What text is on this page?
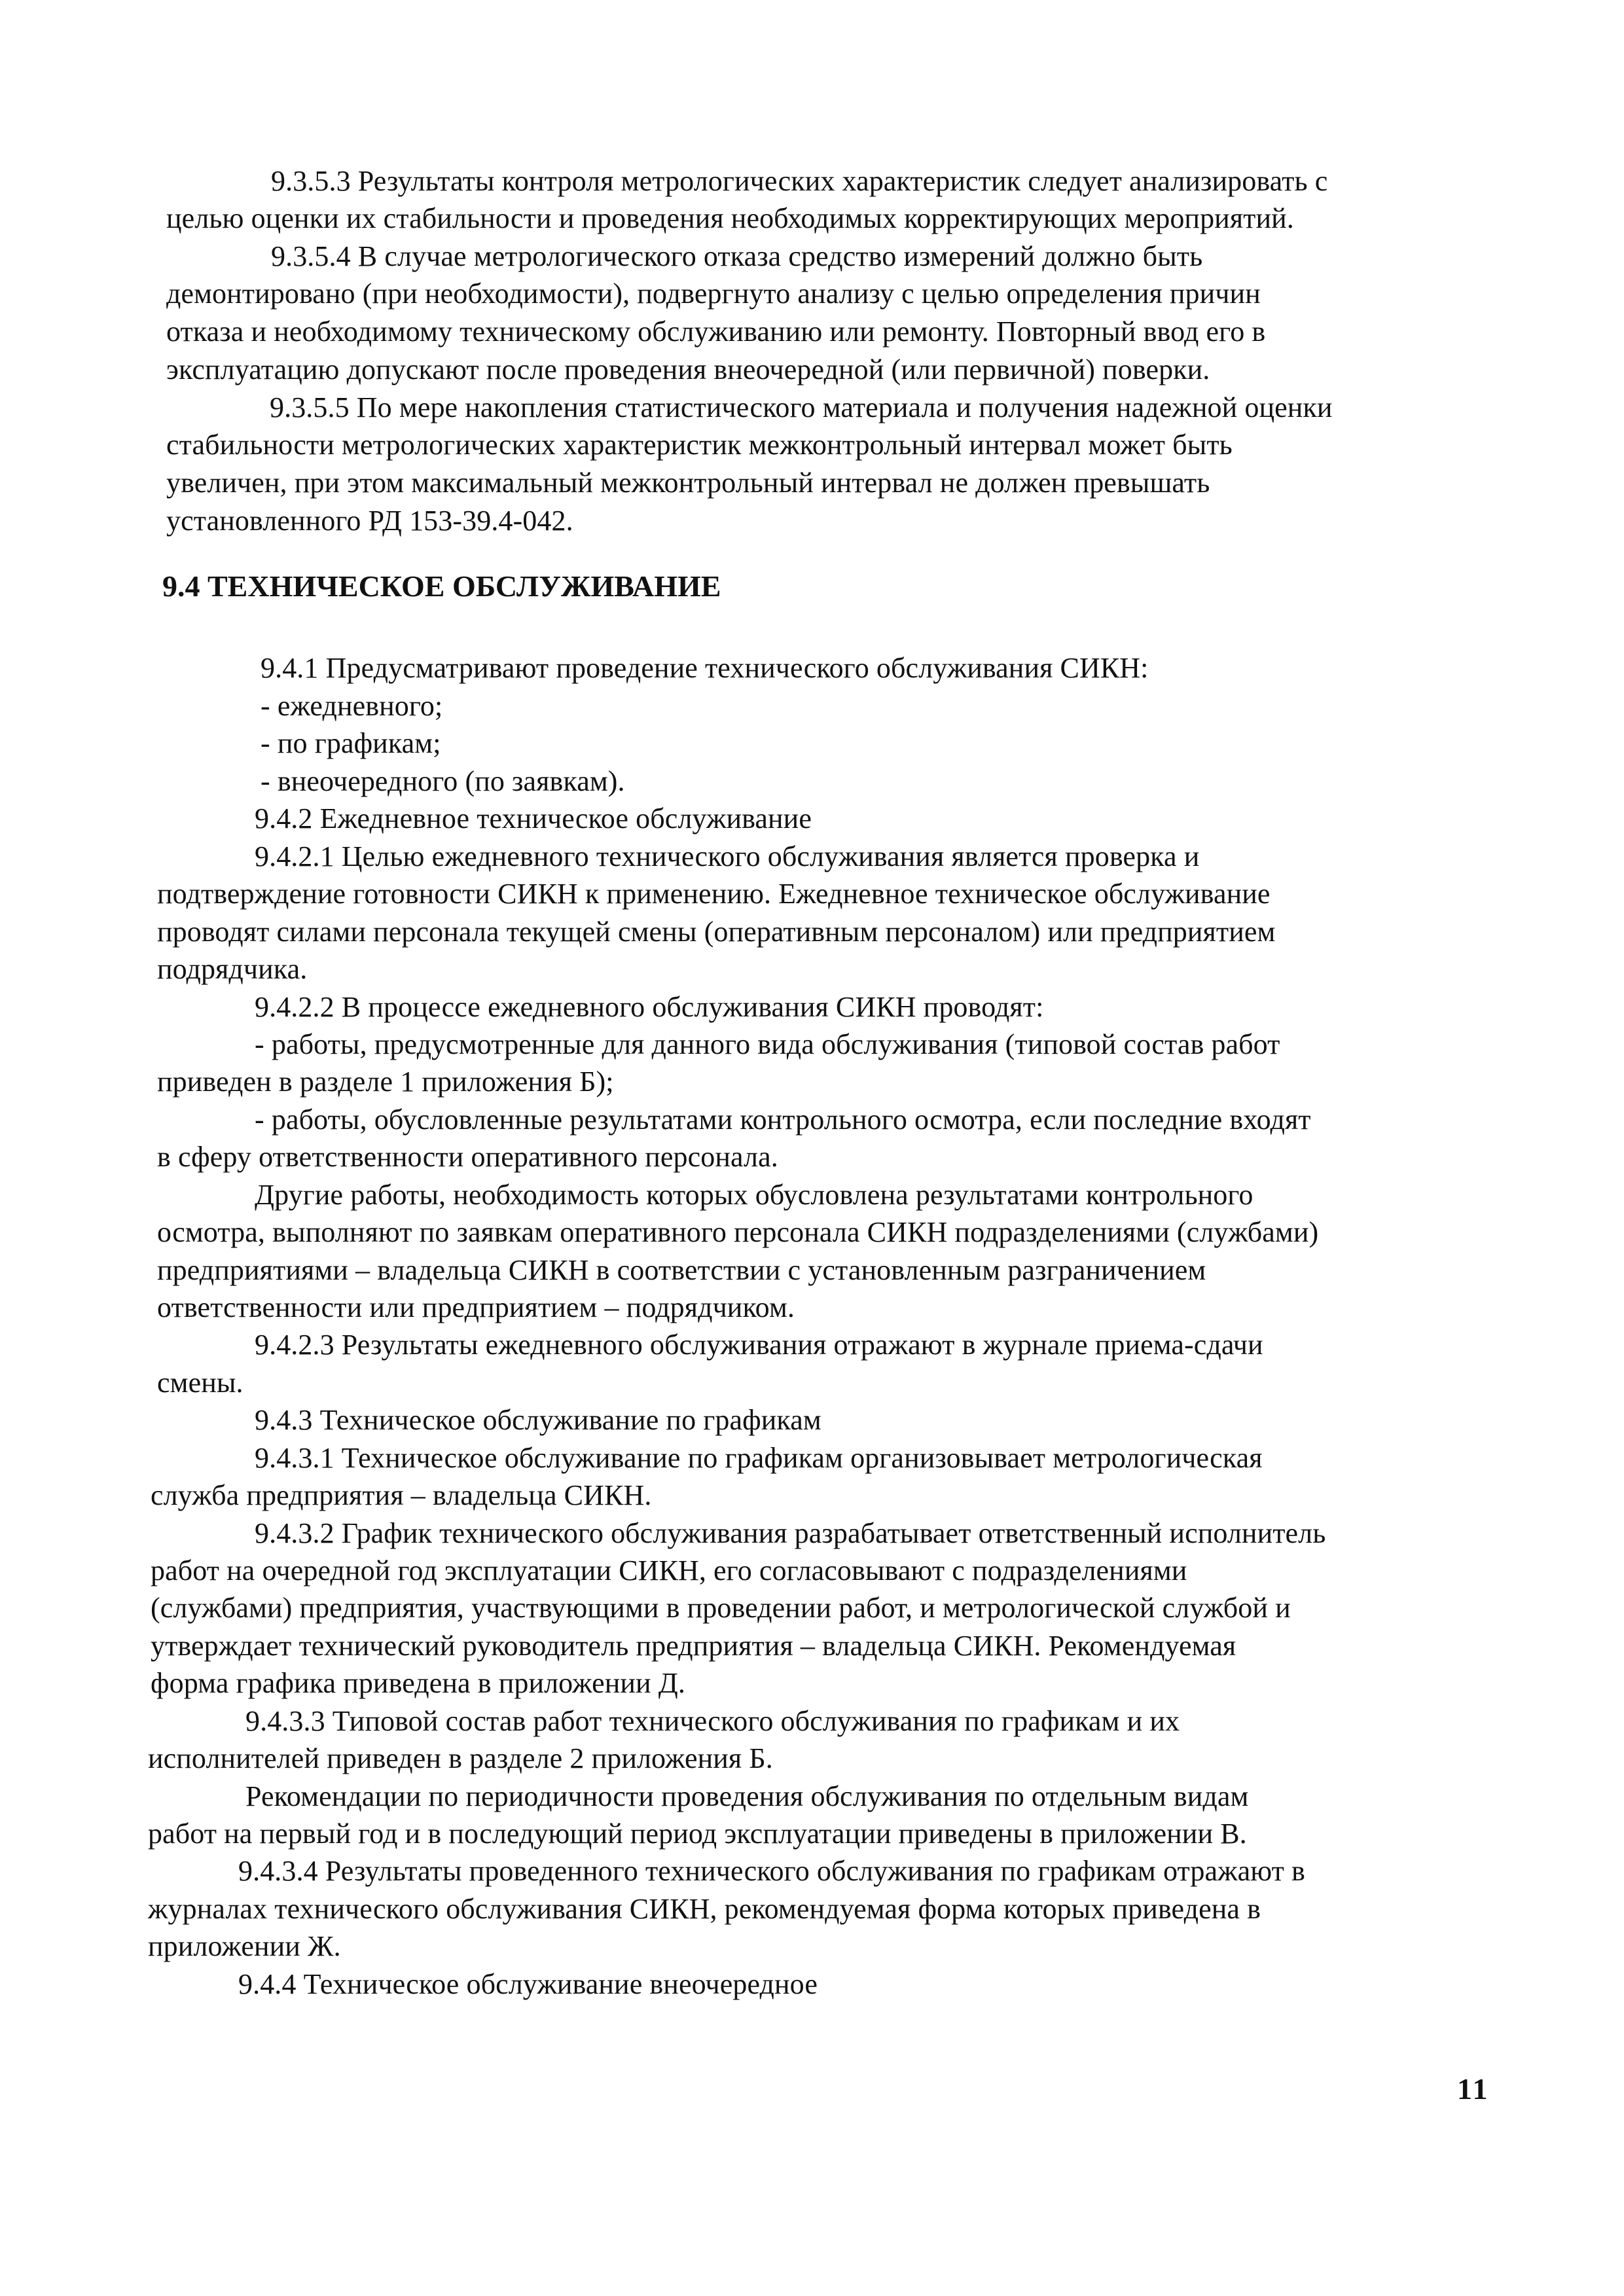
9.3.5.3 Результаты контроля метрологических характеристик следует анализировать с
целью оценки их стабильности и проведения необходимых корректирующих мероприятий.
9.3.5.4 В случае метрологического отказа средство измерений должно быть
демонтировано (при необходимости), подвергнуто анализу с целью определения причин
отказа и необходимому техническому обслуживанию или ремонту. Повторный ввод его в
эксплуатацию допускают после проведения внеочередной (или первичной) поверки.
9.3.5.5 По мере накопления статистического материала и получения надежной оценки
стабильности метрологических характеристик межконтрольный интервал может быть
увеличен, при этом максимальный межконтрольный интервал не должен превышать
установленного РД 153-39.4-042.
9.4 ТЕХНИЧЕСКОЕ ОБСЛУЖИВАНИЕ
9.4.1 Предусматривают проведение технического обслуживания СИКН:
- ежедневного;
- по графикам;
- внеочередного (по заявкам).
9.4.2 Ежедневное техническое обслуживание
9.4.2.1 Целью ежедневного технического обслуживания является проверка и
подтверждение готовности СИКН к применению. Ежедневное техническое обслуживание
проводят силами персонала текущей смены (оперативным персоналом) или предприятием
подрядчика.
9.4.2.2 В процессе ежедневного обслуживания СИКН проводят:
- работы, предусмотренные для данного вида обслуживания (типовой состав работ
приведен в разделе 1 приложения Б);
- работы, обусловленные результатами контрольного осмотра, если последние входят
в сферу ответственности оперативного персонала.
Другие работы, необходимость которых обусловлена результатами контрольного
осмотра, выполняют по заявкам оперативного персонала СИКН подразделениями (службами)
предприятиями – владельца СИКН в соответствии с установленным разграничением
ответственности или предприятием – подрядчиком.
9.4.2.3 Результаты ежедневного обслуживания отражают в журнале приема-сдачи
смены.
9.4.3 Техническое обслуживание по графикам
9.4.3.1 Техническое обслуживание по графикам организовывает метрологическая
служба предприятия – владельца СИКН.
9.4.3.2 График технического обслуживания разрабатывает ответственный исполнитель
работ на очередной год эксплуатации СИКН, его согласовывают с подразделениями
(службами) предприятия, участвующими в проведении работ, и метрологической службой и
утверждает технический руководитель предприятия – владельца СИКН. Рекомендуемая
форма графика приведена в приложении Д.
9.4.3.3 Типовой состав работ технического обслуживания по графикам и их
исполнителей приведен в разделе 2 приложения Б.
Рекомендации по периодичности проведения обслуживания по отдельным видам
работ на первый год и в последующий период эксплуатации приведены в приложении В.
9.4.3.4 Результаты проведенного технического обслуживания по графикам отражают в
журналах технического обслуживания СИКН, рекомендуемая форма которых приведена в
приложении Ж.
9.4.4 Техническое обслуживание внеочередное
11
